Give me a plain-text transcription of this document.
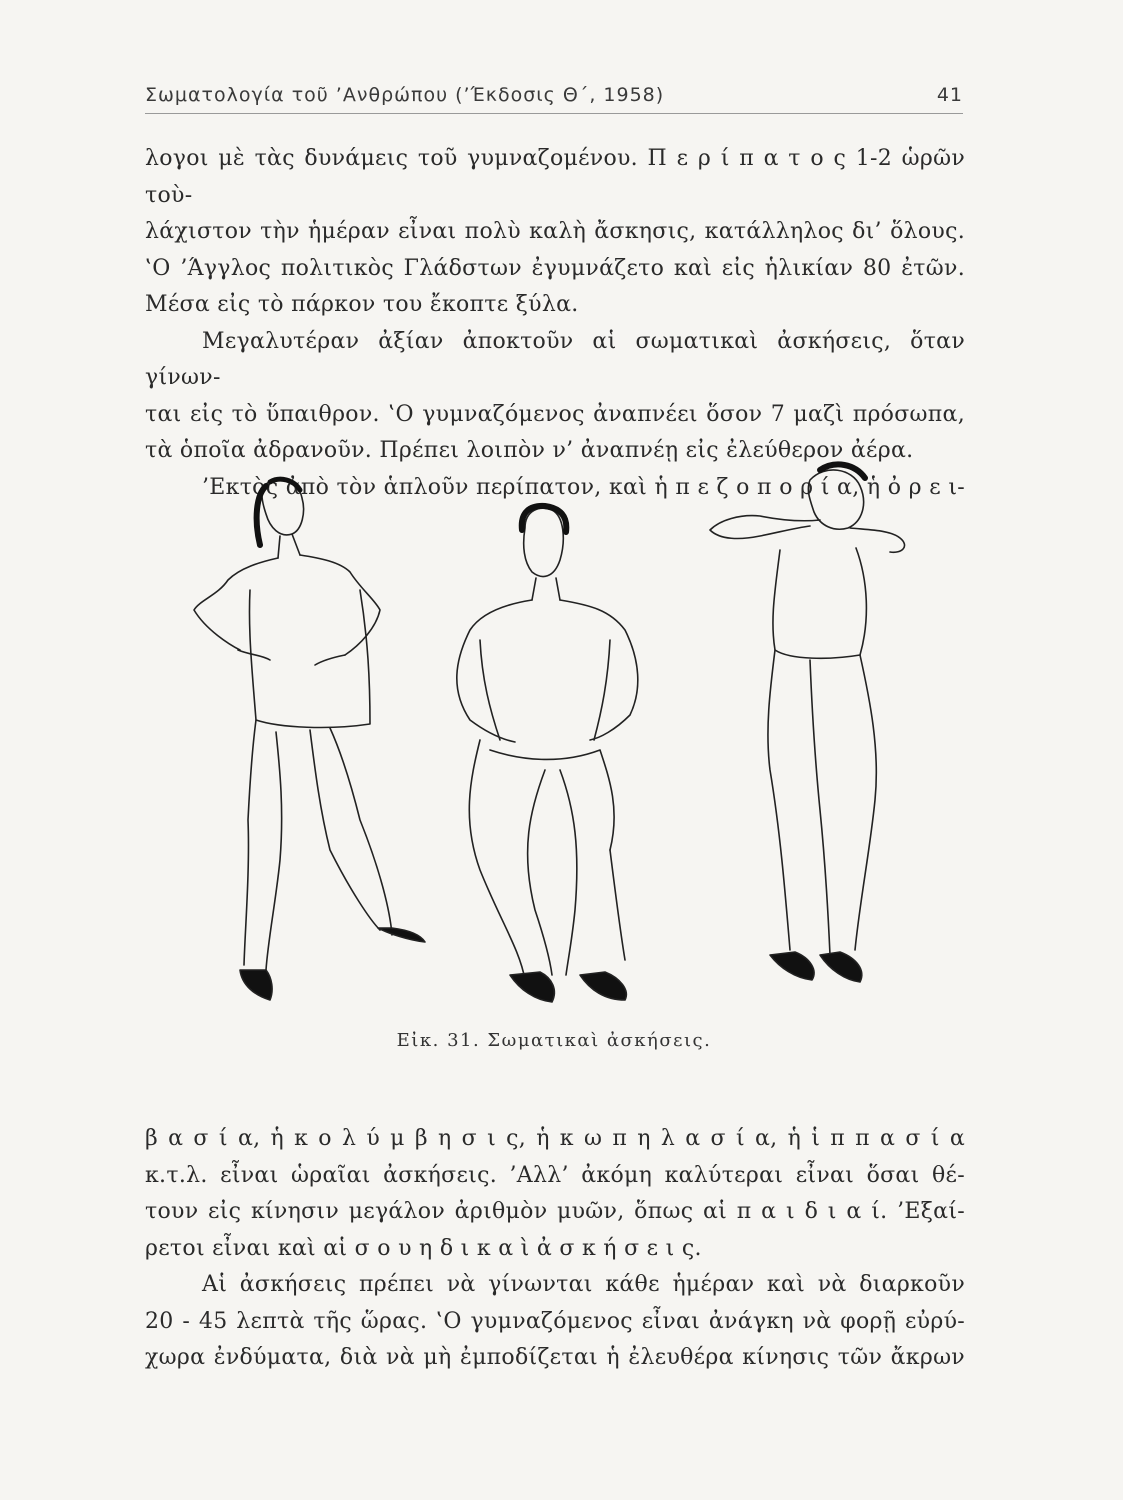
Σωματολογία τοῦ ’Ανθρώπου (’Έκδοσις Θ΄, 1958)	41

λογοι μὲ τὰς δυνάμεις τοῦ γυμναζομένου. Π ε ρ ί π α τ ο ς 1-2 ὡρῶν τοὺ-

λάχιστον τὴν ἡμέραν εἶναι πολὺ καλὴ ἄσκησις, κατάλληλος δι’ ὅλους.

‛Ο ’Άγγλος πολιτικὸς Γλάδστων ἐγυμνάζετο καὶ εἰς ἡλικίαν 80 ἐτῶν.

Μέσα εἰς τὸ πάρκον του ἔκοπτε ξύλα.

Μεγαλυτέραν ἀξίαν ἀποκτοῦν αἱ σωματικαὶ ἀσκήσεις, ὅταν γίνων-

ται εἰς τὸ ὕπαιθρον. ‛Ο γυμναζόμενος ἀναπνέει ὅσον 7 μαζὶ πρόσωπα,

τὰ ὁποῖα ἀδρανοῦν. Πρέπει λοιπὸν ν’ ἀναπνέῃ εἰς ἐλεύθερον ἀέρα.

’Εκτὸς ἀπὸ τὸν ἁπλοῦν περίπατον, καὶ ἡ π ε ζ ο π ο ρ ί α, ἡ ὀ ρ ε ι-

Εἰκ. 31. Σωματικαὶ ἀσκήσεις.

β α σ ί α, ἡ κ ο λ ύ μ β η σ ι ς, ἡ κ ω π η λ α σ ί α, ἡ ἱ π π α σ ί α

κ.τ.λ. εἶναι ὡραῖαι ἀσκήσεις. ’Αλλ’ ἀκόμη καλύτεραι εἶναι ὅσαι θέ-

τουν εἰς κίνησιν μεγάλον ἀριθμὸν μυῶν, ὅπως αἱ π α ι δ ι α ί. ’Εξαί-

ρετοι εἶναι καὶ αἱ σ ο υ η δ ι κ α ὶ ἀ σ κ ή σ ε ι ς.

Αἱ ἀσκήσεις πρέπει νὰ γίνωνται κάθε ἡμέραν καὶ νὰ διαρκοῦν

20 - 45 λεπτὰ τῆς ὥρας. ‛Ο γυμναζόμενος εἶναι ἀνάγκη νὰ φορῇ εὐρύ-

χωρα ἐνδύματα, διὰ νὰ μὴ ἐμποδίζεται ἡ ἐλευθέρα κίνησις τῶν ἄκρων
